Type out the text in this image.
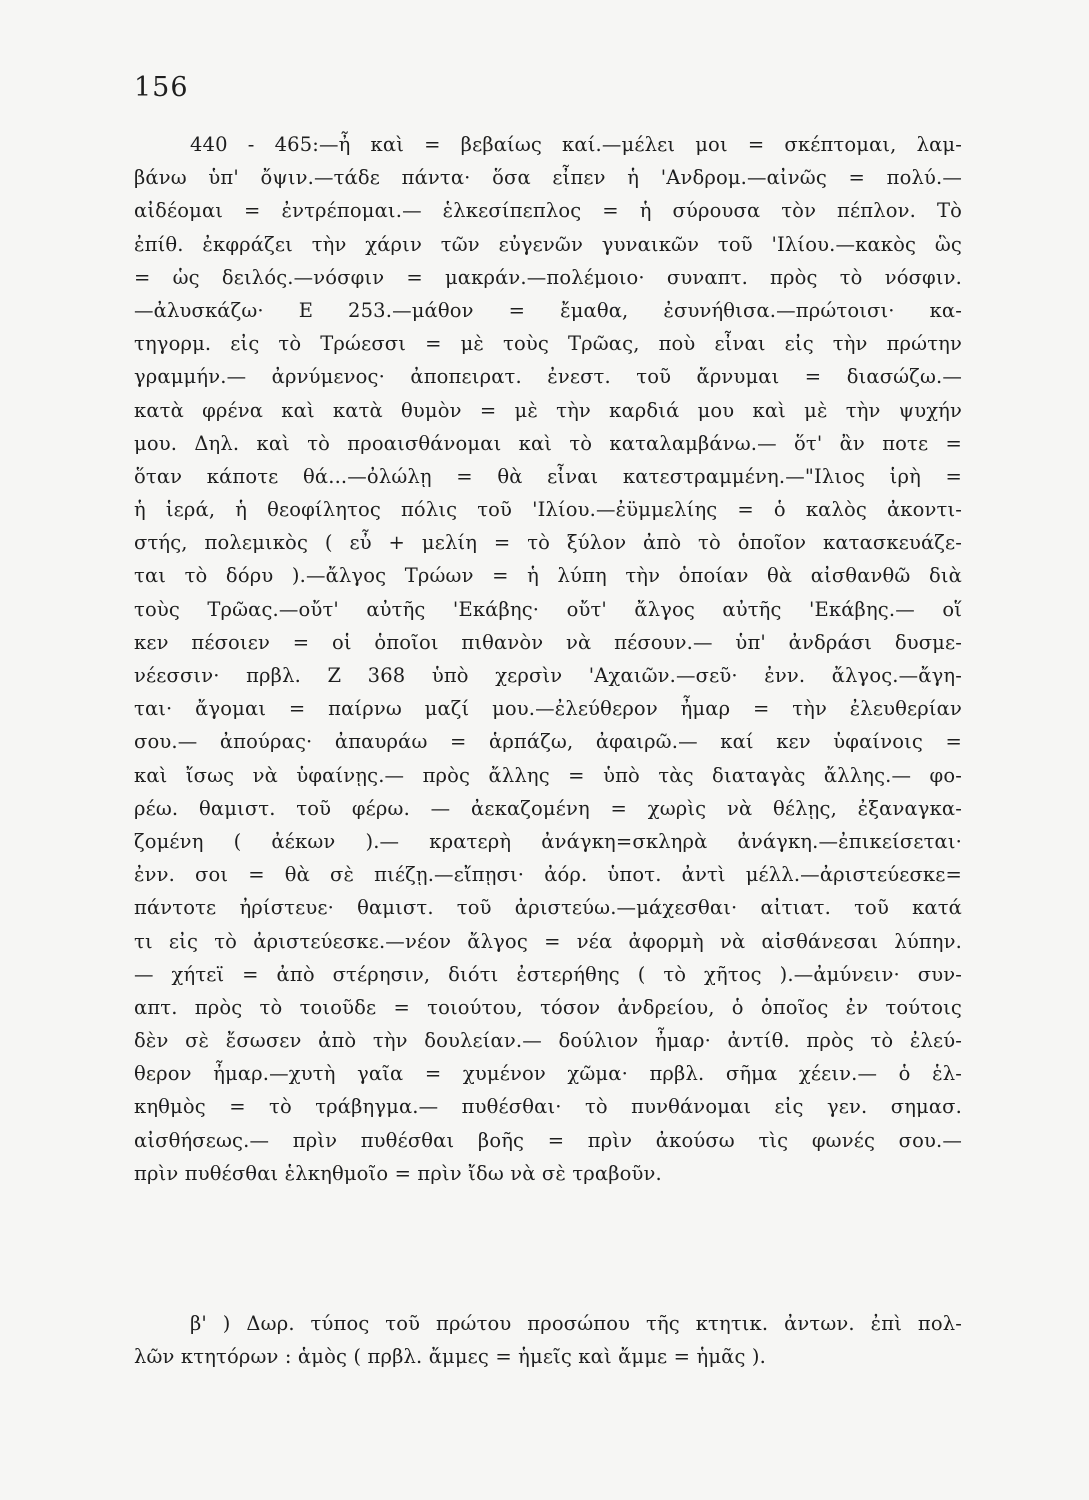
156
440 - 465:—ἦ καὶ = βεβαίως καί.—μέλει μοι = σκέπτομαι, λαμ-
βάνω ὑπ' ὄψιν.—τάδε πάντα· ὅσα εἶπεν ἡ 'Ανδρομ.—αἰνῶς = πολύ.—
αἰδέομαι = ἐντρέπομαι.— ἑλκεσίπεπλος = ἡ σύρουσα τὸν πέπλον. Τὸ
ἐπίθ. ἐκφράζει τὴν χάριν τῶν εὐγενῶν γυναικῶν τοῦ 'Ιλίου.—κακὸς ὣς
= ὡς δειλός.—νόσφιν = μακράν.—πολέμοιο· συναπτ. πρὸς τὸ νόσφιν.
—ἀλυσκάζω· Ε 253.—μάθον = ἔμαθα, ἐσυνήθισα.—πρώτοισι· κα-
τηγορμ. εἰς τὸ Τρώεσσι = μὲ τοὺς Τρῶας, ποὺ εἶναι εἰς τὴν πρώτην
γραμμήν.— ἀρνύμενος· ἀποπειρατ. ἐνεστ. τοῦ ἄρνυμαι = διασώζω.—
κατὰ φρένα καὶ κατὰ θυμὸν = μὲ τὴν καρδιά μου καὶ μὲ τὴν ψυχήν
μου. Δηλ. καὶ τὸ προαισθάνομαι καὶ τὸ καταλαμβάνω.— ὅτ' ἂν ποτε =
ὅταν κάποτε θά...—ὀλώλῃ = θὰ εἶναι κατεστραμμένη.—"Ιλιος ἱρὴ =
ἡ ἱερά, ἡ θεοφίλητος πόλις τοῦ 'Ιλίου.—ἐϋμμελίης = ὁ καλὸς ἀκοντι-
στής, πολεμικὸς ( εὖ + μελίη = τὸ ξύλον ἀπὸ τὸ ὁποῖον κατασκευάζε-
ται τὸ δόρυ ).—ἄλγος Τρώων = ἡ λύπη τὴν ὁποίαν θὰ αἰσθανθῶ διὰ
τοὺς Τρῶας.—οὔτ' αὐτῆς 'Εκάβης· οὔτ' ἄλγος αὐτῆς 'Εκάβης.— οἵ
κεν πέσοιεν = οἱ ὁποῖοι πιθανὸν νὰ πέσουν.— ὑπ' ἀνδράσι δυσμε-
νέεσσιν· πρβλ. Ζ 368 ὑπὸ χερσὶν 'Αχαιῶν.—σεῦ· ἐνν. ἄλγος.—ἄγη-
ται· ἄγομαι = παίρνω μαζί μου.—ἐλεύθερον ἦμαρ = τὴν ἐλευθερίαν
σου.— ἀπούρας· ἀπαυράω = ἁρπάζω, ἀφαιρῶ.— καί κεν ὑφαίνοις =
καὶ ἴσως νὰ ὑφαίνῃς.— πρὸς ἄλλης = ὑπὸ τὰς διαταγὰς ἄλλης.— φο-
ρέω. θαμιστ. τοῦ φέρω. — ἀεκαζομένη = χωρὶς νὰ θέλῃς, ἐξαναγκα-
ζομένη ( ἀέκων ).— κρατερὴ ἀνάγκη=σκληρὰ ἀνάγκη.—ἐπικείσεται·
ἐνν. σοι = θὰ σὲ πιέζῃ.—εἴπῃσι· ἀόρ. ὑποτ. ἀντὶ μέλλ.—ἀριστεύεσκε=
πάντοτε ἠρίστευε· θαμιστ. τοῦ ἀριστεύω.—μάχεσθαι· αἰτιατ. τοῦ κατά
τι εἰς τὸ ἀριστεύεσκε.—νέον ἄλγος = νέα ἀφορμὴ νὰ αἰσθάνεσαι λύπην.
— χήτεϊ = ἀπὸ στέρησιν, διότι ἐστερήθης ( τὸ χῆτος ).—ἀμύνειν· συν-
απτ. πρὸς τὸ τοιοῦδε = τοιούτου, τόσον ἀνδρείου, ὁ ὁποῖος ἐν τούτοις
δὲν σὲ ἔσωσεν ἀπὸ τὴν δουλείαν.— δούλιον ἦμαρ· ἀντίθ. πρὸς τὸ ἐλεύ-
θερον ἦμαρ.—χυτὴ γαῖα = χυμένον χῶμα· πρβλ. σῆμα χέειν.— ὁ ἑλ-
κηθμὸς = τὸ τράβηγμα.— πυθέσθαι· τὸ πυνθάνομαι εἰς γεν. σημασ.
αἰσθήσεως.— πρὶν πυθέσθαι βοῆς = πρὶν ἀκούσω τὶς φωνές σου.—
πρὶν πυθέσθαι ἑλκηθμοῖο = πρὶν ἴδω νὰ σὲ τραβοῦν.
β' ) Δωρ. τύπος τοῦ πρώτου προσώπου τῆς κτητικ. ἀντων. ἐπὶ πολ-
λῶν κτητόρων : ἁμὸς ( πρβλ. ἄμμες = ἡμεῖς καὶ ἄμμε = ἡμᾶς ).
